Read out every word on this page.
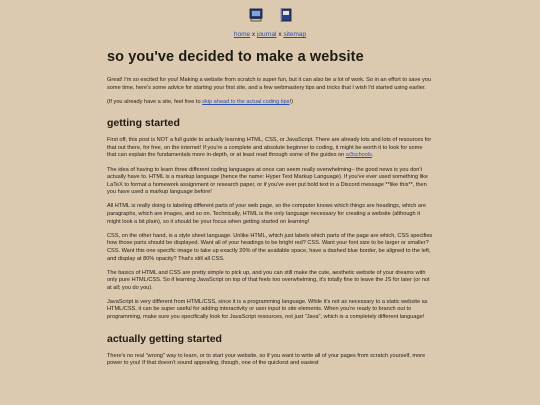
home x journal x sitemap
so you've decided to make a website

Great! I'm so excited for you! Making a website from scratch is super fun, but it can also be a lot of work. So in an effort to save you some time, here's some advice for starting your first site, and a few webmastery tips and tricks that I wish I'd started using earlier.

(If you already have a site, feel free to skip ahead to the actual coding tips!)

getting started

First off, this post is NOT a full guide to actually learning HTML, CSS, or JavaScript. There are already lots and lots of resources for that out there, for free, on the internet! If you're a complete and absolute beginner to coding, it might be worth it to look for some that can explain the fundamentals more in-depth, or at least read through some of the guides on w3schools.

The idea of having to learn three different coding languages at once can seem really overwhelming– the good news is you don't actually have to. HTML is a markup language (hence the name: Hyper Text Markup Language). If you've ever used something like LaTeX to format a homework assignment or research paper, or if you've ever put bold text in a Discord message **like this**, then you have used a markup language before!

All HTML is really doing is labeling different parts of your web page, so the computer knows which things are headings, which are paragraphs, which are images, and so on. Technically, HTML is the only language necessary for creating a website (although it might look a bit plain), so it should be your focus when getting started on learning!

CSS, on the other hand, is a style sheet language. Unlike HTML, which just labels which parts of the page are which, CSS specifies how those parts should be displayed. Want all of your headings to be bright red? CSS. Want your font size to be larger or smaller? CSS. Want this one specific image to take up exactly 20% of the available space, have a dashed blue border, be aligned to the left, and display at 80% opacity? That's still all CSS.

The basics of HTML and CSS are pretty simple to pick up, and you can still make the cute, aesthetic website of your dreams with only pure HTML/CSS. So if learning JavaScript on top of that feels too overwhelming, it's totally fine to leave the JS for later (or not at all; you do you).

JavaScript is very different from HTML/CSS, since it is a programming language. While it's not as necessary to a static website as HTML/CSS, it can be super useful for adding interactivity or user input to site elements. When you're ready to branch out to programming, make sure you specifically look for JavaScript resources, not just "Java", which is a completely different language!

actually getting started

There's no real "wrong" way to learn, or to start your website, so if you want to write all of your pages from scratch yourself, more power to you! If that doesn't sound appealing, though, one of the quickest and easiest
